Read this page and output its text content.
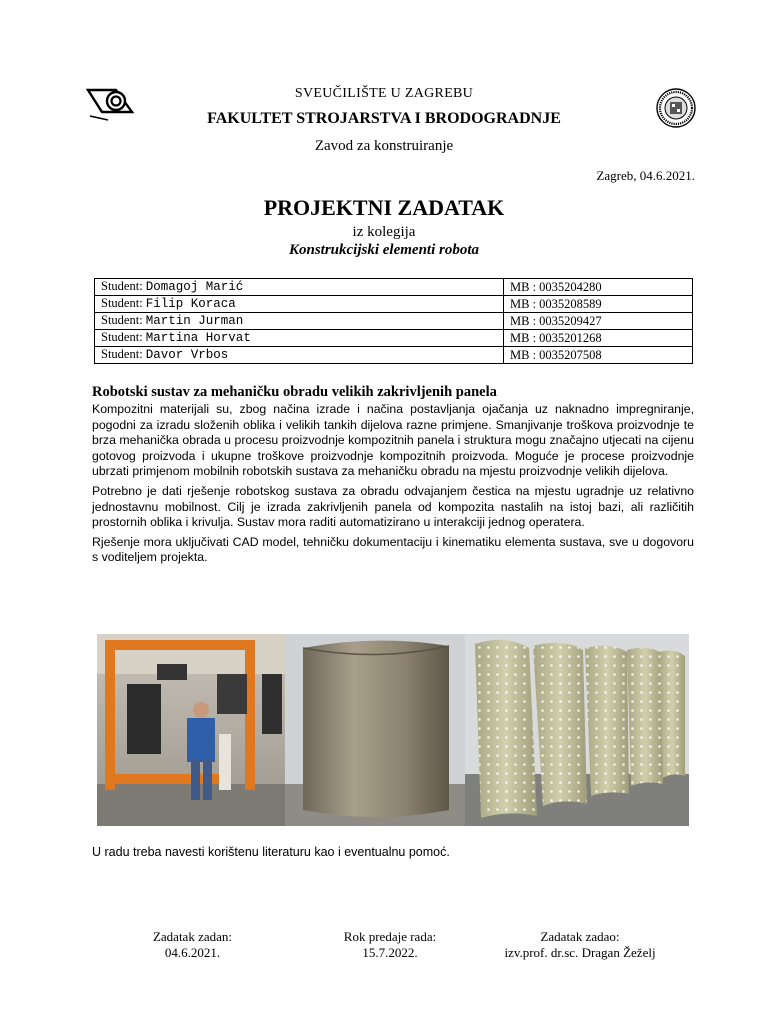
SVEUČILIŠTE U ZAGREBU
FAKULTET STROJARSTVA I BRODOGRADNJE
Zavod za konstruiranje
Zagreb, 04.6.2021.
PROJEKTNI ZADATAK
iz kolegija
Konstrukcijski elementi robota
Student: Domagoj Marić	MB : 0035204280
Student: Filip Koraca	MB : 0035208589
Student: Martin Jurman	MB : 0035209427
Student: Martina Horvat	MB : 0035201268
Student: Davor Vrbos	MB : 0035207508
Robotski sustav za mehaničku obradu velikih zakrivljenih panela

Kompozitni materijali su, zbog načina izrade i načina postavljanja ojačanja uz naknadno impregniranje, pogodni za izradu složenih oblika i velikih tankih dijelova razne primjene. Smanjivanje troškova proizvodnje te brza mehanička obrada u procesu proizvodnje kompozitnih panela i struktura mogu značajno utjecati na cijenu gotovog proizvoda i ukupne troškove proizvodnje kompozitnih proizvoda. Moguće je procese proizvodnje ubrzati primjenom mobilnih robotskih sustava za mehaničku obradu na mjestu proizvodnje velikih dijelova.

Potrebno je dati rješenje robotskog sustava za obradu odvajanjem čestica na mjestu ugradnje uz relativno jednostavnu mobilnost. Cilj je izrada zakrivljenih panela od kompozita nastalih na istoj bazi, ali različitih prostornih oblika i krivulja. Sustav mora raditi automatizirano u interakciji jednog operatera.

Rješenje mora uključivati CAD model, tehničku dokumentaciju i kinematiku elementa sustava, sve u dogovoru s voditeljem projekta.

U radu treba navesti korištenu literaturu kao i eventualnu pomoć.
Zadatak zadan:
04.6.2021.
Rok predaje rada:
15.7.2022.
Zadatak zadao:
izv.prof. dr.sc. Dragan Žeželj
